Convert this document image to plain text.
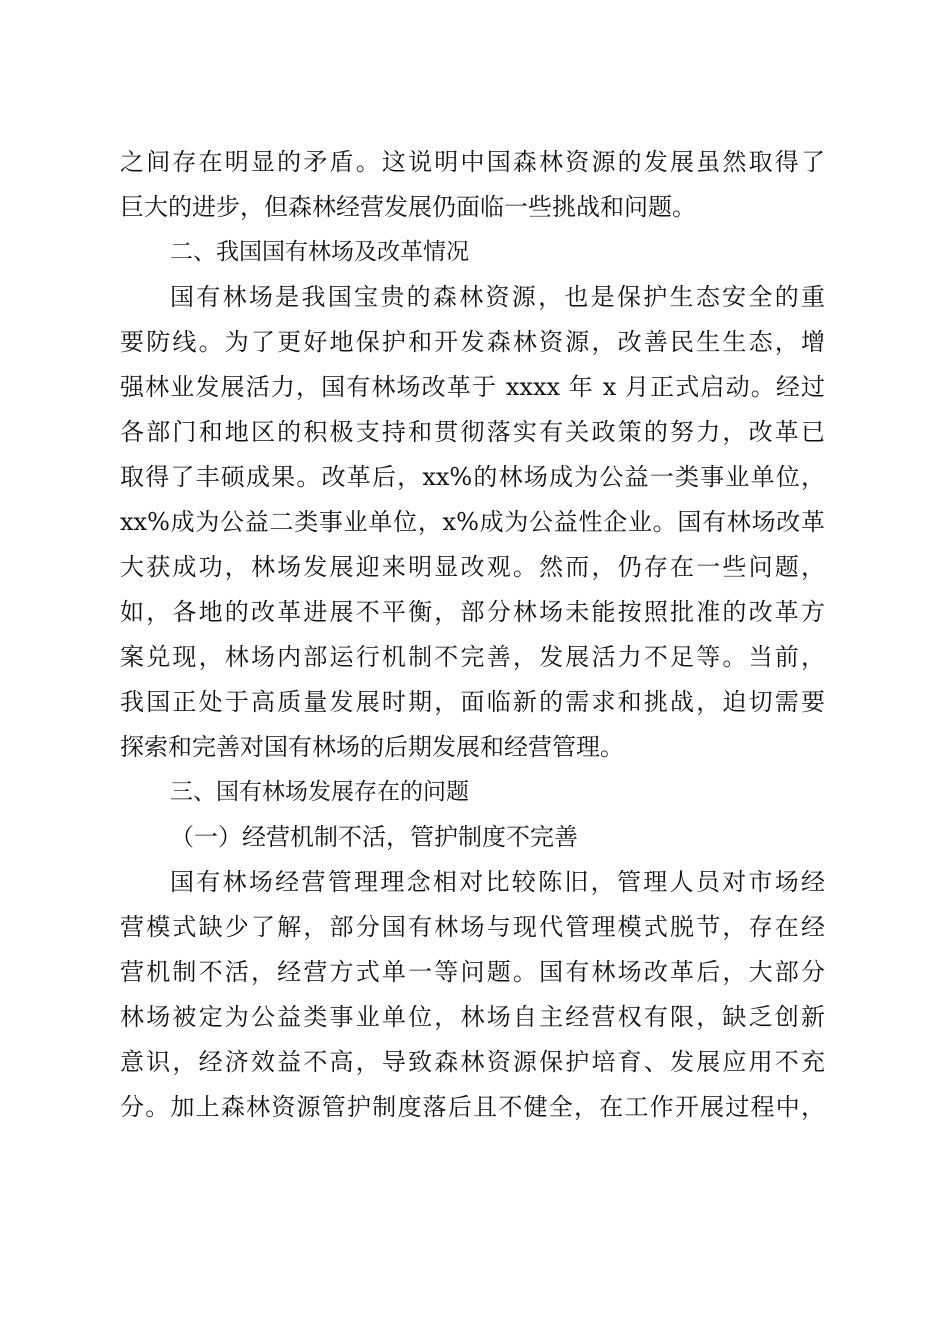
之间存在明显的矛盾。这说明中国森林资源的发展虽然取得了
巨大的进步，但森林经营发展仍面临一些挑战和问题。
二、我国国有林场及改革情况
国有林场是我国宝贵的森林资源，也是保护生态安全的重
要防线。为了更好地保护和开发森林资源，改善民生生态，增
强林业发展活力，国有林场改革于 xxxx 年 x 月正式启动。经过
各部门和地区的积极支持和贯彻落实有关政策的努力，改革已
取得了丰硕成果。改革后，xx%的林场成为公益一类事业单位，
xx%成为公益二类事业单位，x%成为公益性企业。国有林场改革
大获成功，林场发展迎来明显改观。然而，仍存在一些问题，
如，各地的改革进展不平衡，部分林场未能按照批准的改革方
案兑现，林场内部运行机制不完善，发展活力不足等。当前，
我国正处于高质量发展时期，面临新的需求和挑战，迫切需要
探索和完善对国有林场的后期发展和经营管理。
三、国有林场发展存在的问题
（一）经营机制不活，管护制度不完善
国有林场经营管理理念相对比较陈旧，管理人员对市场经
营模式缺少了解，部分国有林场与现代管理模式脱节，存在经
营机制不活，经营方式单一等问题。国有林场改革后，大部分
林场被定为公益类事业单位，林场自主经营权有限，缺乏创新
意识，经济效益不高，导致森林资源保护培育、发展应用不充
分。加上森林资源管护制度落后且不健全，在工作开展过程中，
